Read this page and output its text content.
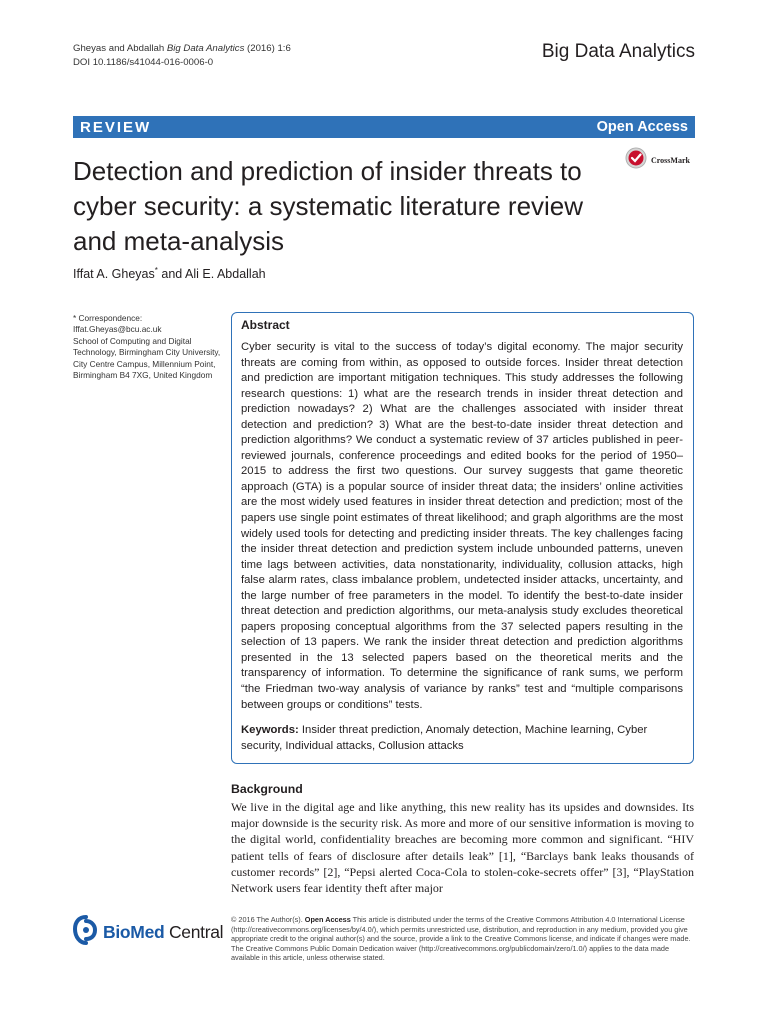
Gheyas and Abdallah Big Data Analytics (2016) 1:6
DOI 10.1186/s41044-016-0006-0	Big Data Analytics
REVIEW	Open Access
Detection and prediction of insider threats to cyber security: a systematic literature review and meta-analysis
CrossMark
Iffat A. Gheyas* and Ali E. Abdallah
* Correspondence:
Iffat.Gheyas@bcu.ac.uk
School of Computing and Digital Technology, Birmingham City University, City Centre Campus, Millennium Point, Birmingham B4 7XG, United Kingdom
Abstract

Cyber security is vital to the success of today’s digital economy. The major security threats are coming from within, as opposed to outside forces. Insider threat detection and prediction are important mitigation techniques. This study addresses the following research questions: 1) what are the research trends in insider threat detection and prediction nowadays? 2) What are the challenges associated with insider threat detection and prediction? 3) What are the best-to-date insider threat detection and prediction algorithms? We conduct a systematic review of 37 articles published in peer-reviewed journals, conference proceedings and edited books for the period of 1950–2015 to address the first two questions. Our survey suggests that game theoretic approach (GTA) is a popular source of insider threat data; the insiders’ online activities are the most widely used features in insider threat detection and prediction; most of the papers use single point estimates of threat likelihood; and graph algorithms are the most widely used tools for detecting and predicting insider threats. The key challenges facing the insider threat detection and prediction system include unbounded patterns, uneven time lags between activities, data nonstationarity, individuality, collusion attacks, high false alarm rates, class imbalance problem, undetected insider attacks, uncertainty, and the large number of free parameters in the model. To identify the best-to-date insider threat detection and prediction algorithms, our meta-analysis study excludes theoretical papers proposing conceptual algorithms from the 37 selected papers resulting in the selection of 13 papers. We rank the insider threat detection and prediction algorithms presented in the 13 selected papers based on the theoretical merits and the transparency of information. To determine the significance of rank sums, we perform “the Friedman two-way analysis of variance by ranks” test and “multiple comparisons between groups or conditions” tests.

Keywords: Insider threat prediction, Anomaly detection, Machine learning, Cyber security, Individual attacks, Collusion attacks
Background

We live in the digital age and like anything, this new reality has its upsides and downsides. Its major downside is the security risk. As more and more of our sensitive information is moving to the digital world, confidentiality breaches are becoming more common and significant. “HIV patient tells of fears of disclosure after details leak” [1], “Barclays bank leaks thousands of customer records” [2], “Pepsi alerted Coca-Cola to stolen-coke-secrets offer” [3], “PlayStation Network users fear identity theft after major

BioMed Central

© 2016 The Author(s). Open Access This article is distributed under the terms of the Creative Commons Attribution 4.0 International License (http://creativecommons.org/licenses/by/4.0/), which permits unrestricted use, distribution, and reproduction in any medium, provided you give appropriate credit to the original author(s) and the source, provide a link to the Creative Commons license, and indicate if changes were made. The Creative Commons Public Domain Dedication waiver (http://creativecommons.org/publicdomain/zero/1.0/) applies to the data made available in this article, unless otherwise stated.
